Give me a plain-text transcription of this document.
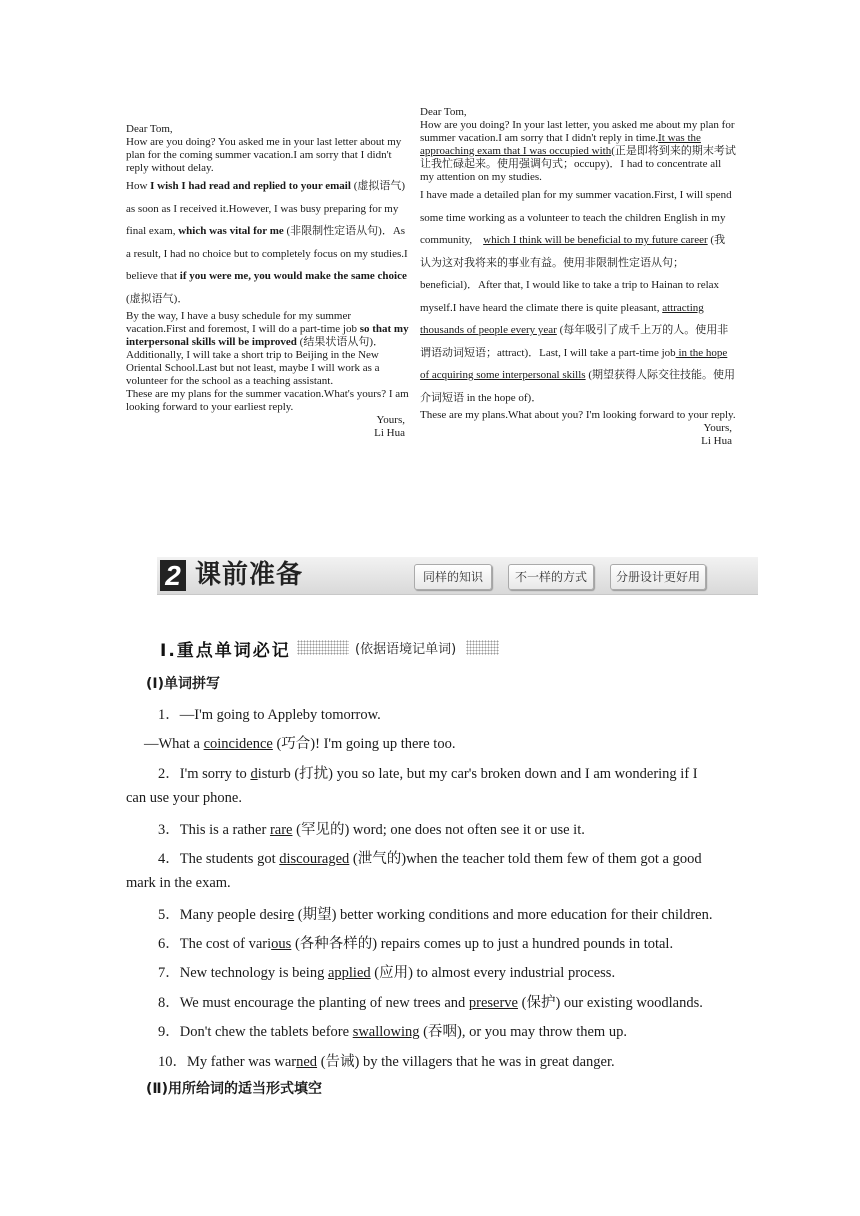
Dear Tom,

How are you doing? You asked me in your last letter about my plan for the coming summer vacation.I am sorry that I didn't reply without delay.

How I wish I had read and replied to your email (虚拟语气) as soon as I received it.However, I was busy preparing for my final exam, which was vital for me (非限制性定语从句)．As a result, I had no choice but to completely focus on my studies.I believe that if you were me, you would make the same choice (虚拟语气)．

By the way, I have a busy schedule for my summer vacation.First and foremost, I will do a part-time job so that my interpersonal skills will be improved (结果状语从句)．Additionally, I will take a short trip to Beijing in the New Oriental School.Last but not least, maybe I will work as a volunteer for the school as a teaching assistant.

These are my plans for the summer vacation.What's yours? I am looking forward to your earliest reply.

Yours,

Li Hua

Dear Tom,

How are you doing? In your last letter, you asked me about my plan for summer vacation.I am sorry that I didn't reply in time.It was the approaching exam that I was occupied with(正是即将到来的期末考试让我忙碌起来。使用强调句式；occupy)．I had to concentrate all my attention on my studies.

I have made a detailed plan for my summer vacation.First, I will spend some time working as a volunteer to teach the children English in my community,　which I think will be beneficial to my future career (我认为这对我将来的事业有益。使用非限制性定语从句；beneficial)．After that, I would like to take a trip to Hainan to relax myself.I have heard the climate there is quite pleasant, attracting thousands of people every year (每年吸引了成千上万的人。使用非谓语动词短语；attract)．Last, I will take a part-time job in the hope of acquiring some interpersonal skills (期望获得人际交往技能。使用介词短语 in the hope of)．

These are my plans.What about you? I'm looking forward to your reply.

Yours,

Li Hua

2 课前准备	同样的知识	不一样的方式	分册设计更好用
Ⅰ.重点单词必记	(依据语境记单词)
(Ⅰ)单词拼写
1．—I'm going to Appleby tomorrow.
—What a coincidence (巧合)! I'm going up there too.
2．I'm sorry to disturb (打扰) you so late, but my car's broken down and I am wondering if I
can use your phone.
3．This is a rather rare (罕见的) word; one does not often see it or use it.
4．The students got discouraged (泄气的)when the teacher told them few of them got a good
mark in the exam.
5．Many people desire (期望) better working conditions and more education for their children.
6．The cost of various (各种各样的) repairs comes up to just a hundred pounds in total.
7．New technology is being applied (应用) to almost every industrial process.
8．We must encourage the planting of new trees and preserve (保护) our existing woodlands.
9．Don't chew the tablets before swallowing (吞咽), or you may throw them up.
10．My father was warned (告诫) by the villagers that he was in great danger.
(Ⅱ)用所给词的适当形式填空
